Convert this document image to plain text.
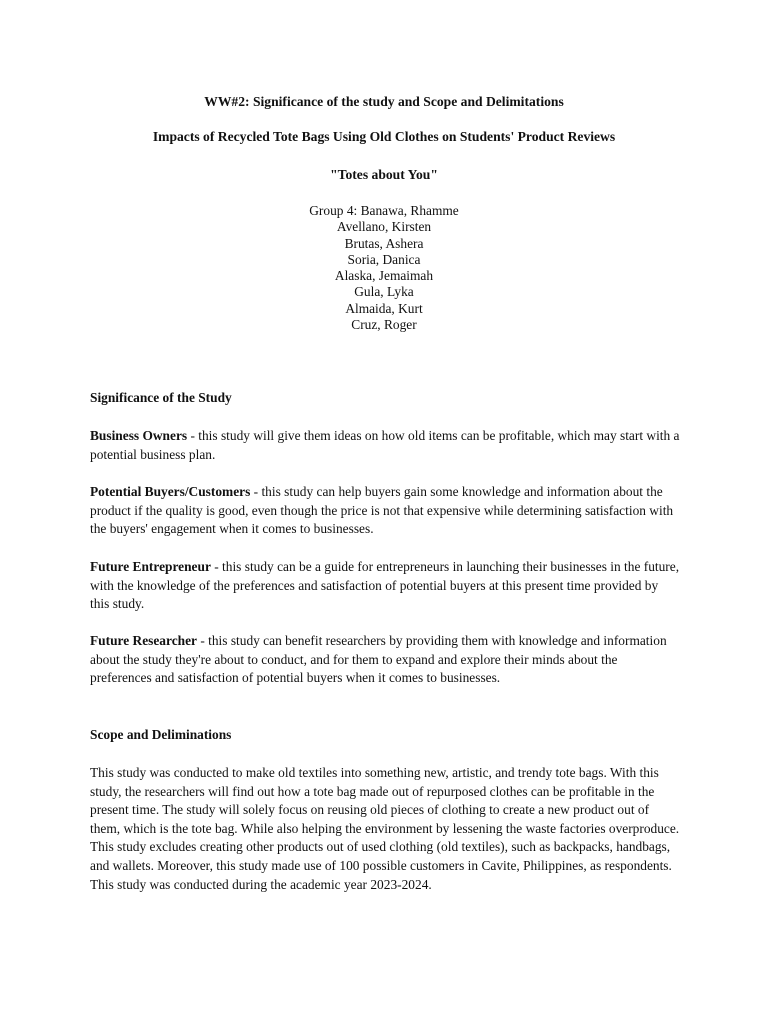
WW#2: Significance of the study and Scope and Delimitations
Impacts of Recycled Tote Bags Using Old Clothes on Students' Product Reviews
"Totes about You"
Group 4: Banawa, Rhamme
Avellano, Kirsten
Brutas, Ashera
Soria, Danica
Alaska, Jemaimah
Gula, Lyka
Almaida, Kurt
Cruz, Roger
Significance of the Study
Business Owners - this study will give them ideas on how old items can be profitable, which may start with a potential business plan.
Potential Buyers/Customers - this study can help buyers gain some knowledge and information about the product if the quality is good, even though the price is not that expensive while determining satisfaction with the buyers' engagement when it comes to businesses.
Future Entrepreneur - this study can be a guide for entrepreneurs in launching their businesses in the future, with the knowledge of the preferences and satisfaction of potential buyers at this present time provided by this study.
Future Researcher - this study can benefit researchers by providing them with knowledge and information about the study they're about to conduct, and for them to expand and explore their minds about the preferences and satisfaction of potential buyers when it comes to businesses.
Scope and Deliminations
This study was conducted to make old textiles into something new, artistic, and trendy tote bags. With this study, the researchers will find out how a tote bag made out of repurposed clothes can be profitable in the present time. The study will solely focus on reusing old pieces of clothing to create a new product out of them, which is the tote bag. While also helping the environment by lessening the waste factories overproduce. This study excludes creating other products out of used clothing (old textiles), such as backpacks, handbags, and wallets. Moreover, this study made use of 100 possible customers in Cavite, Philippines, as respondents. This study was conducted during the academic year 2023-2024.
